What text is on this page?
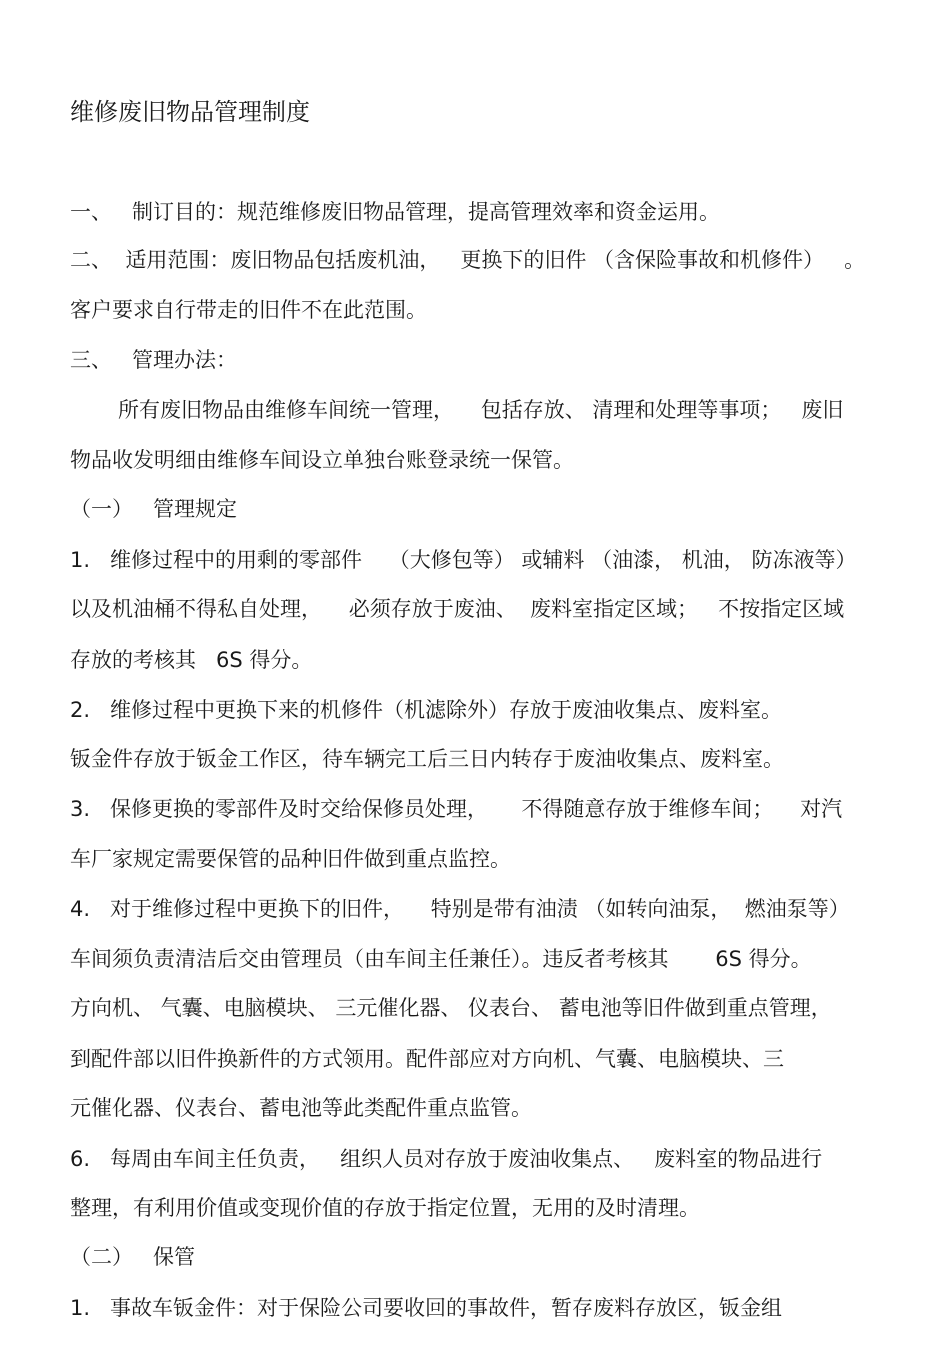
维修废旧物品管理制度
一、   制订目的：规范维修废旧物品管理，提高管理效率和资金运用。
二、  适用范围：废旧物品包括废机油，   更换下的旧件 （含保险事故和机修件）   。
客户要求自行带走的旧件不在此范围。
三、   管理办法：
所有废旧物品由维修车间统一管理，    包括存放、 清理和处理等事项；   废旧
物品收发明细由维修车间设立单独台账登录统一保管。
（一）   管理规定
1.   维修过程中的用剩的零部件    （大修包等） 或辅料 （油漆， 机油， 防冻液等）
以及机油桶不得私自处理，    必须存放于废油、  废料室指定区域；   不按指定区域
存放的考核其   6S 得分。
2.   维修过程中更换下来的机修件（机滤除外）存放于废油收集点、废料室。
钣金件存放于钣金工作区，待车辆完工后三日内转存于废油收集点、废料室。
3.   保修更换的零部件及时交给保修员处理，     不得随意存放于维修车间；    对汽
车厂家规定需要保管的品种旧件做到重点监控。
4.   对于维修过程中更换下的旧件，    特别是带有油渍 （如转向油泵，  燃油泵等）
车间须负责清洁后交由管理员（由车间主任兼任）。违反者考核其       6S 得分。
方向机、 气囊、电脑模块、 三元催化器、 仪表台、 蓄电池等旧件做到重点管理，
到配件部以旧件换新件的方式领用。配件部应对方向机、气囊、电脑模块、三
元催化器、仪表台、蓄电池等此类配件重点监管。
6.   每周由车间主任负责，   组织人员对存放于废油收集点、   废料室的物品进行
整理，有利用价值或变现价值的存放于指定位置，无用的及时清理。
（二）   保管
1.   事故车钣金件：对于保险公司要收回的事故件，暂存废料存放区，钣金组
